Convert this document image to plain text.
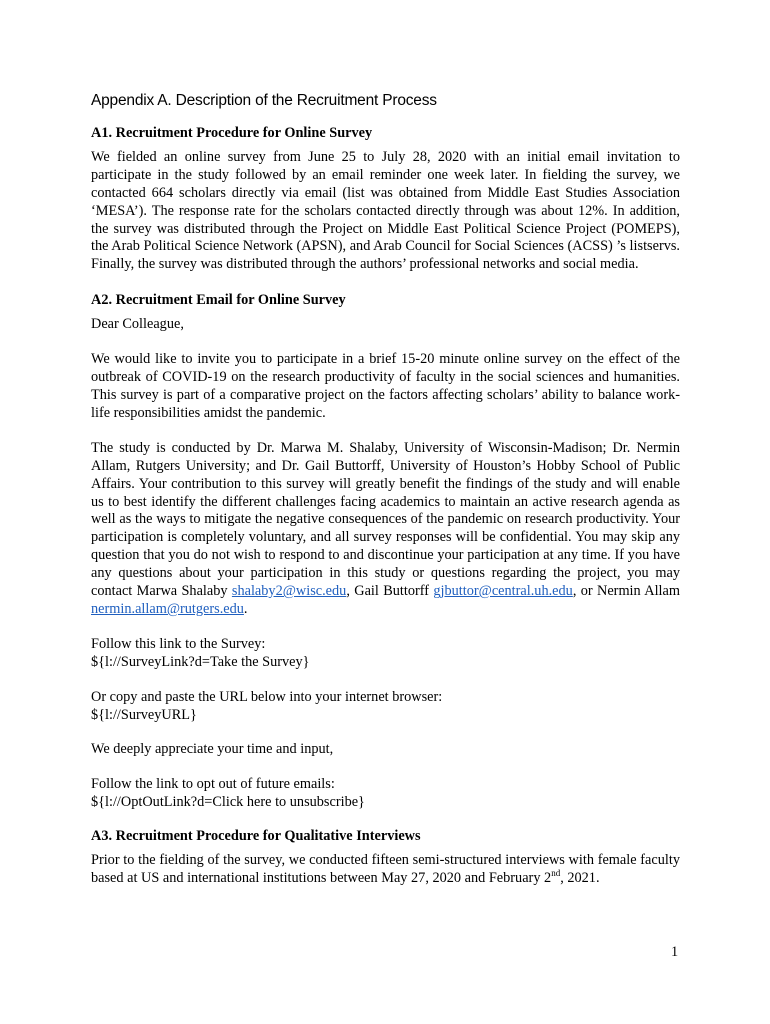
Appendix A. Description of the Recruitment Process
A1. Recruitment Procedure for Online Survey

We fielded an online survey from June 25 to July 28, 2020 with an initial email invitation to participate in the study followed by an email reminder one week later. In fielding the survey, we contacted 664 scholars directly via email (list was obtained from Middle East Studies Association ‘MESA’). The response rate for the scholars contacted directly through was about 12%. In addition, the survey was distributed through the Project on Middle East Political Science Project (POMEPS), the Arab Political Science Network (APSN), and Arab Council for Social Sciences (ACSS) ’s listservs. Finally, the survey was distributed through the authors’ professional networks and social media.

A2. Recruitment Email for Online Survey

Dear Colleague,

We would like to invite you to participate in a brief 15-20 minute online survey on the effect of the outbreak of COVID-19 on the research productivity of faculty in the social sciences and humanities. This survey is part of a comparative project on the factors affecting scholars’ ability to balance work-life responsibilities amidst the pandemic.

The study is conducted by Dr. Marwa M. Shalaby, University of Wisconsin-Madison; Dr. Nermin Allam, Rutgers University; and Dr. Gail Buttorff, University of Houston’s Hobby School of Public Affairs. Your contribution to this survey will greatly benefit the findings of the study and will enable us to best identify the different challenges facing academics to maintain an active research agenda as well as the ways to mitigate the negative consequences of the pandemic on research productivity. Your participation is completely voluntary, and all survey responses will be confidential. You may skip any question that you do not wish to respond to and discontinue your participation at any time. If you have any questions about your participation in this study or questions regarding the project, you may contact Marwa Shalaby shalaby2@wisc.edu, Gail Buttorff gjbuttor@central.uh.edu, or Nermin Allam nermin.allam@rutgers.edu.

Follow this link to the Survey:
${l://SurveyLink?d=Take the Survey}

Or copy and paste the URL below into your internet browser:
${l://SurveyURL}

We deeply appreciate your time and input,

Follow the link to opt out of future emails:
${l://OptOutLink?d=Click here to unsubscribe}

A3. Recruitment Procedure for Qualitative Interviews

Prior to the fielding of the survey, we conducted fifteen semi-structured interviews with female faculty based at US and international institutions between May 27, 2020 and February 2nd, 2021.

1
